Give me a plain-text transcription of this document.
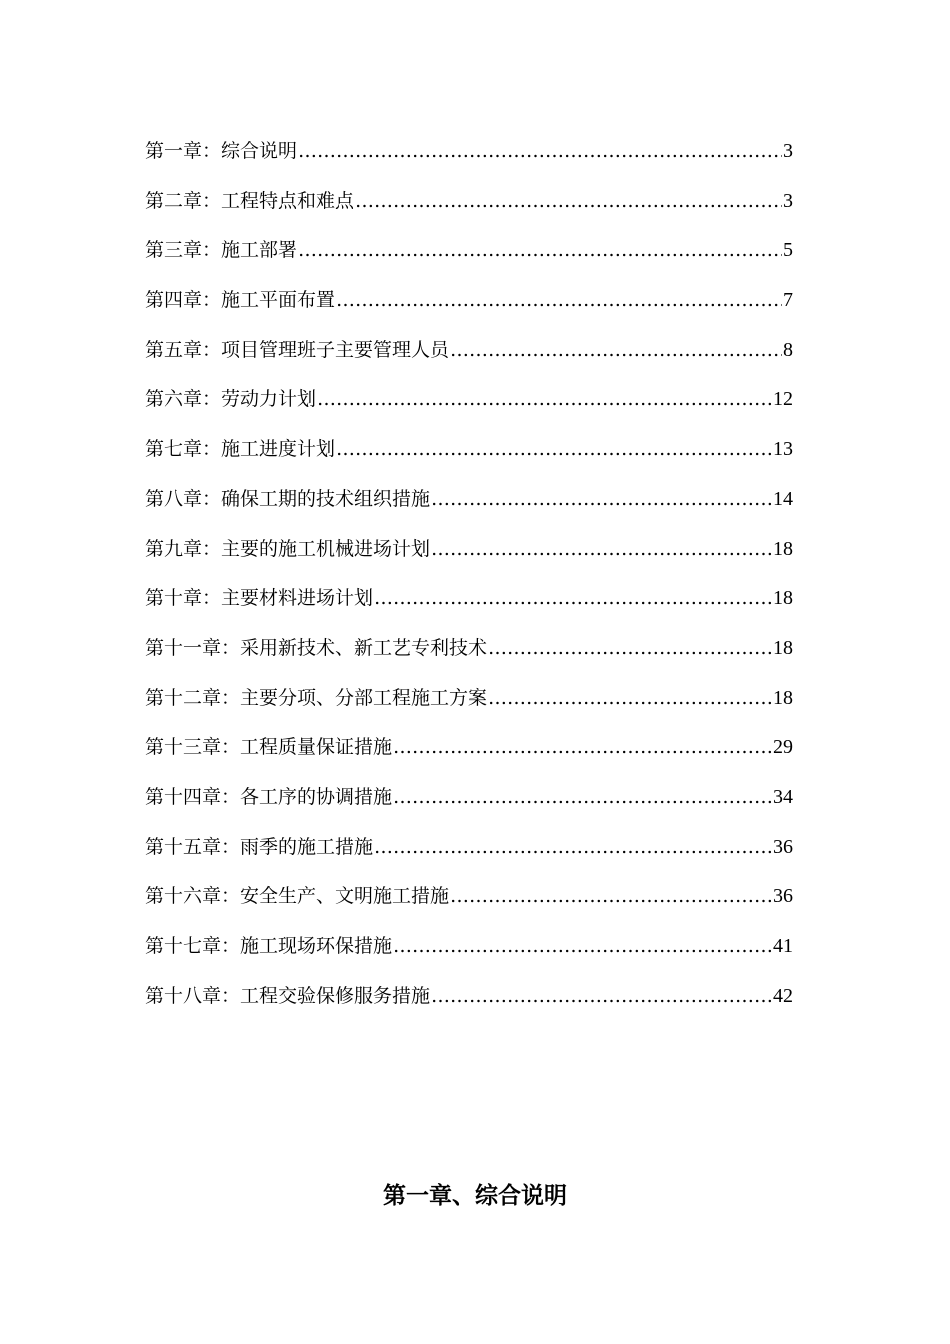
第一章：综合说明 …………………………………………………………………………………………………………………………………………………………………………	3
第二章：工程特点和难点 …………………………………………………………………………………………………………………………………………………………………………	3
第三章：施工部署 …………………………………………………………………………………………………………………………………………………………………………	5
第四章：施工平面布置 …………………………………………………………………………………………………………………………………………………………………………	7
第五章：项目管理班子主要管理人员 …………………………………………………………………………………………………………………………………………………………………………	8
第六章：劳动力计划 …………………………………………………………………………………………………………………………………………………………………………	12
第七章：施工进度计划 …………………………………………………………………………………………………………………………………………………………………………	13
第八章：确保工期的技术组织措施 …………………………………………………………………………………………………………………………………………………………………………	14
第九章：主要的施工机械进场计划 …………………………………………………………………………………………………………………………………………………………………………	18
第十章：主要材料进场计划 …………………………………………………………………………………………………………………………………………………………………………	18
第十一章：采用新技术、新工艺专利技术 …………………………………………………………………………………………………………………………………………………………………………	18
第十二章：主要分项、分部工程施工方案 …………………………………………………………………………………………………………………………………………………………………………	18
第十三章：工程质量保证措施 …………………………………………………………………………………………………………………………………………………………………………	29
第十四章：各工序的协调措施 …………………………………………………………………………………………………………………………………………………………………………	34
第十五章：雨季的施工措施 …………………………………………………………………………………………………………………………………………………………………………	36
第十六章：安全生产、文明施工措施 …………………………………………………………………………………………………………………………………………………………………………	36
第十七章：施工现场环保措施 …………………………………………………………………………………………………………………………………………………………………………	41
第十八章：工程交验保修服务措施 …………………………………………………………………………………………………………………………………………………………………………	42
第一章、综合说明
